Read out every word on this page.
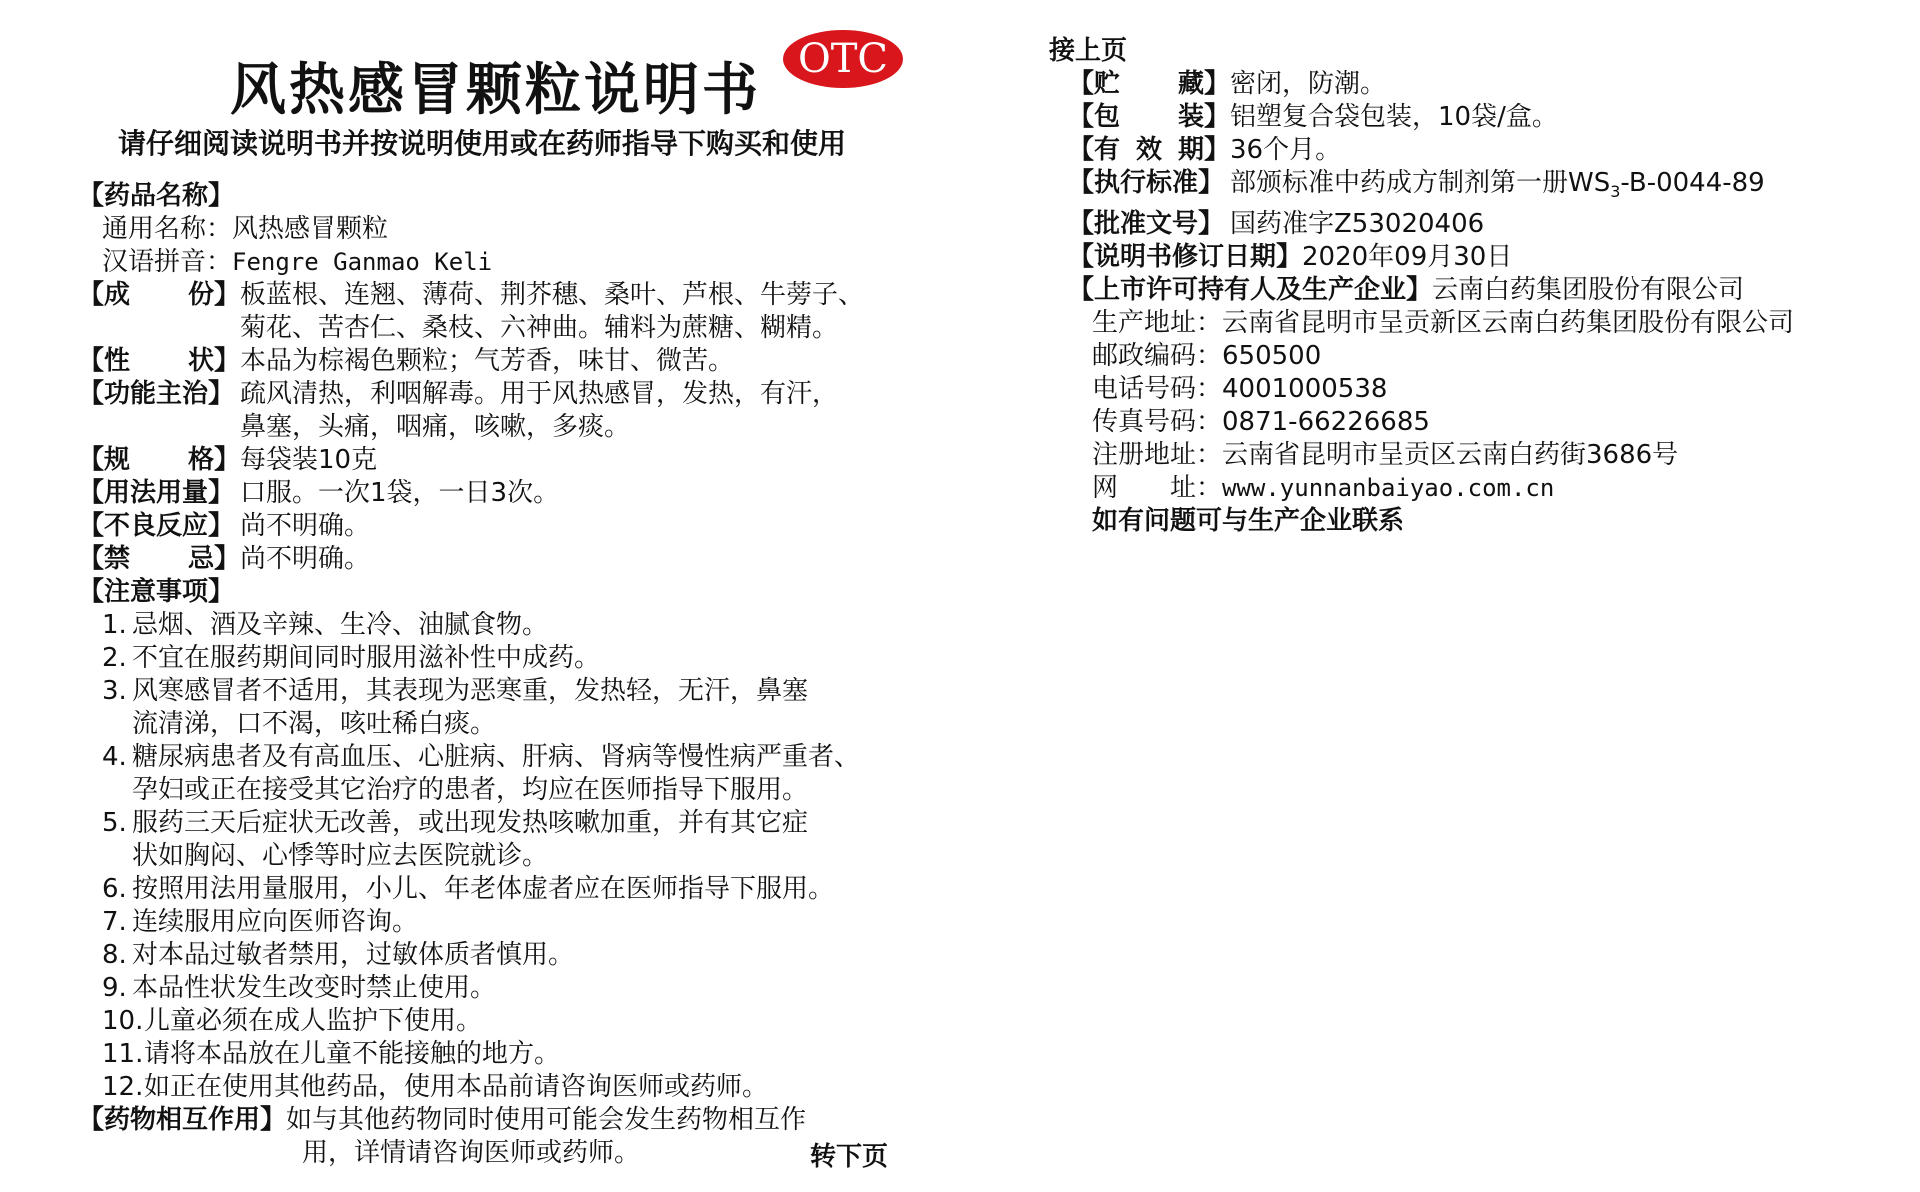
风热感冒颗粒说明书 OTC
请仔细阅读说明书并按说明使用或在药师指导下购买和使用
【药品名称】
通用名称： 风热感冒颗粒
汉语拼音： Fengre Ganmao Keli
【成 份】 板蓝根、连翘、薄荷、荆芥穗、桑叶、芦根、牛蒡子、
菊花、苦杏仁、桑枝、六神曲。辅料为蔗糖、糊精。
【性 状】 本品为棕褐色颗粒；气芳香，味甘、微苦。
【功能主治】 疏风清热，利咽解毒。用于风热感冒，发热，有汗，
鼻塞，头痛，咽痛，咳嗽，多痰。
【规 格】 每袋装10克
【用法用量】 口服。一次1袋，一日3次。
【不良反应】 尚不明确。
【禁 忌】 尚不明确。
【注意事项】
1. 忌烟、酒及辛辣、生冷、油腻食物。
2. 不宜在服药期间同时服用滋补性中成药。
3. 风寒感冒者不适用，其表现为恶寒重，发热轻，无汗，鼻塞
流清涕，口不渴，咳吐稀白痰。
4. 糖尿病患者及有高血压、心脏病、肝病、肾病等慢性病严重者、
孕妇或正在接受其它治疗的患者，均应在医师指导下服用。
5. 服药三天后症状无改善，或出现发热咳嗽加重，并有其它症
状如胸闷、心悸等时应去医院就诊。
6. 按照用法用量服用，小儿、年老体虚者应在医师指导下服用。
7. 连续服用应向医师咨询。
8. 对本品过敏者禁用，过敏体质者慎用。
9. 本品性状发生改变时禁止使用。
10. 儿童必须在成人监护下使用。
11. 请将本品放在儿童不能接触的地方。
12. 如正在使用其他药品，使用本品前请咨询医师或药师。
【药物相互作用】 如与其他药物同时使用可能会发生药物相互作
用，详情请咨询医师或药师。	转下页
接上页
【贮 藏】 密闭，防潮。
【包 装】 铝塑复合袋包装，10袋/盒。
【有 效 期】 36个月。
【执行标准】 部颁标准中药成方制剂第一册$WS_3-B-0044-89$
【批准文号】 国药准字Z53020406
【说明书修订日期】 2020年09月30日
【上市许可持有人及生产企业】 云南白药集团股份有限公司
生产地址： 云南省昆明市呈贡新区云南白药集团股份有限公司
邮政编码： 650500
电话号码： 4001000538
传真号码： 0871-66226685
注册地址： 云南省昆明市呈贡区云南白药街3686号
网 址： www.yunnanbaiyao.com.cn
如有问题可与生产企业联系
